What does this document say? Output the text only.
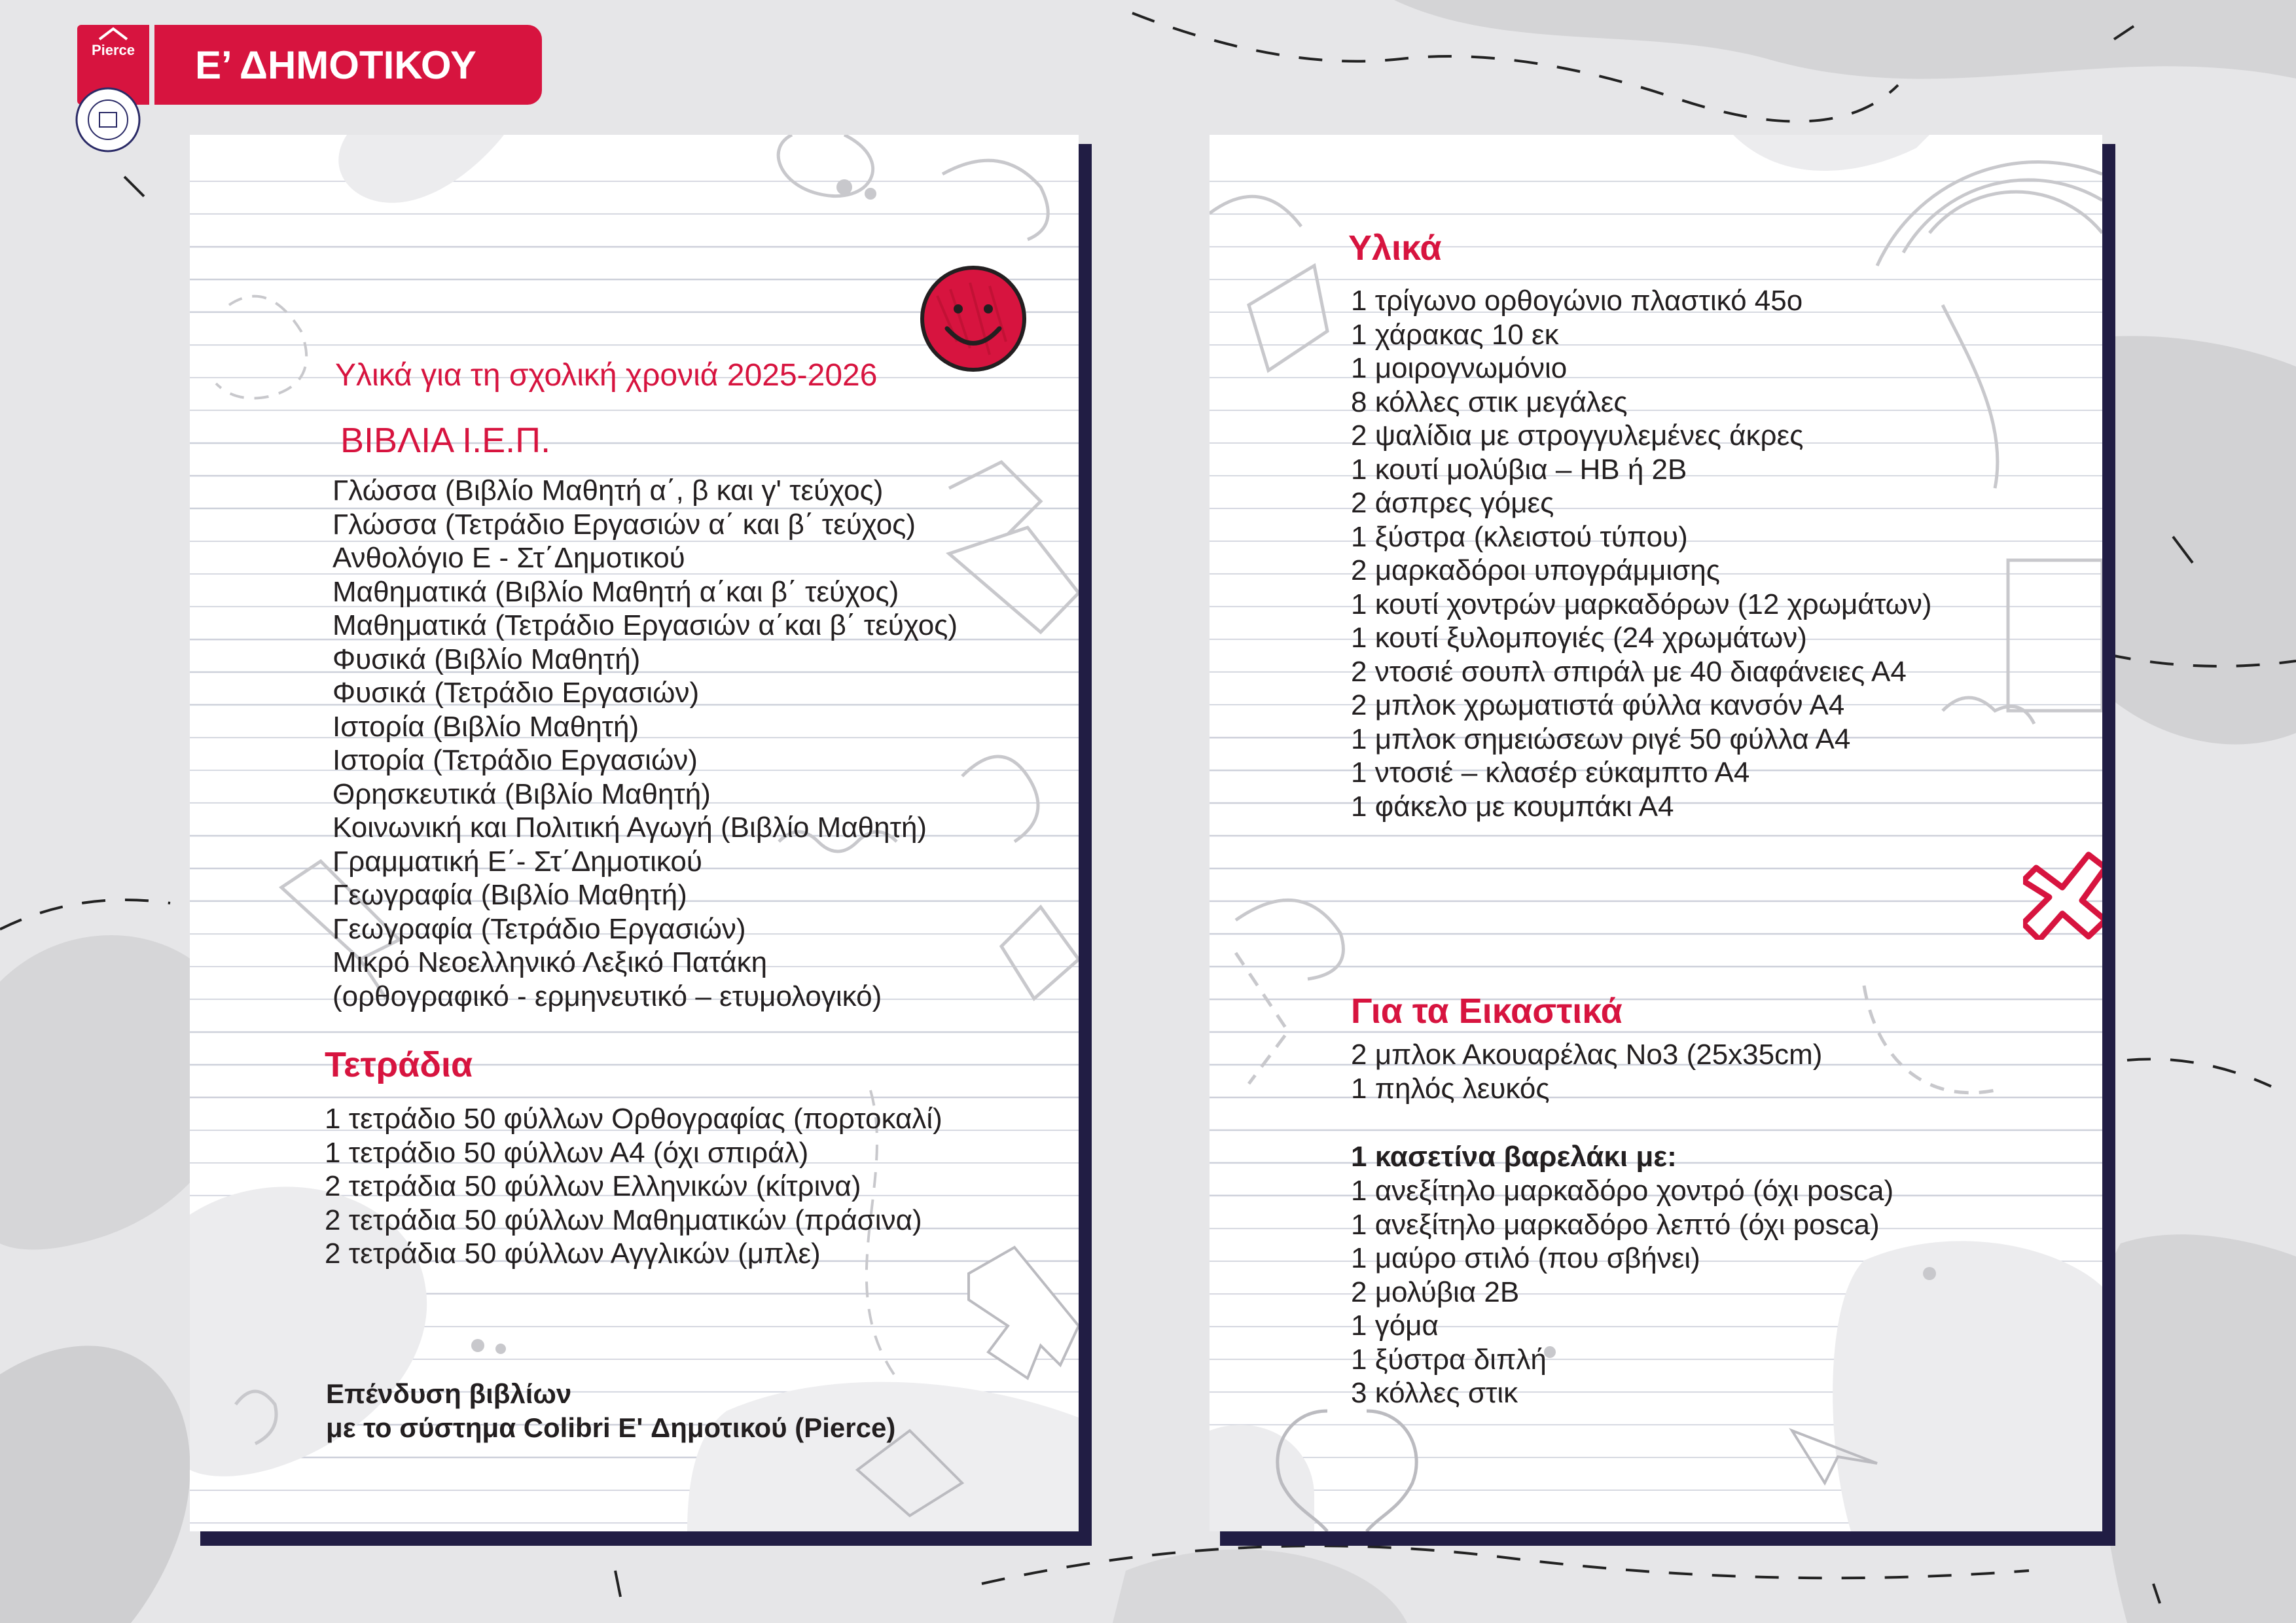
Pierce	Ε’ ΔΗΜΟΤΙΚΟΥ
Υλικά για τη σχολική χρονιά 2025-2026
ΒΙΒΛΙΑ Ι.Ε.Π.
Γλώσσα (Βιβλίο Μαθητή α΄, β και γ' τεύχος)
Γλώσσα (Τετράδιο Εργασιών α΄ και β΄ τεύχος)
Ανθολόγιο Ε - Στ΄Δημοτικού
Μαθηματικά (Βιβλίο Μαθητή α΄και β΄ τεύχος)
Μαθηματικά (Τετράδιο Εργασιών α΄και β΄ τεύχος)
Φυσικά (Βιβλίο Μαθητή)
Φυσικά (Τετράδιο Εργασιών)
Ιστορία (Βιβλίο Μαθητή)
Ιστορία (Τετράδιο Εργασιών)
Θρησκευτικά (Βιβλίο Μαθητή)
Κοινωνική και Πολιτική Αγωγή (Βιβλίο Μαθητή)
Γραμματική Ε΄- Στ΄Δημοτικού
Γεωγραφία (Βιβλίο Μαθητή)
Γεωγραφία (Τετράδιο Εργασιών)
Μικρό Νεοελληνικό Λεξικό Πατάκη
(ορθογραφικό - ερμηνευτικό – ετυμολογικό)
Τετράδια
1 τετράδιο 50 φύλλων Ορθογραφίας (πορτοκαλί)
1 τετράδιο 50 φύλλων Α4 (όχι σπιράλ)
2 τετράδια 50 φύλλων Ελληνικών (κίτρινα)
2 τετράδια 50 φύλλων Μαθηματικών (πράσινα)
2 τετράδια 50 φύλλων Αγγλικών (μπλε)
Επένδυση βιβλίων
με το σύστημα Colibri E' Δημοτικού (Pierce)
Υλικά
1 τρίγωνο ορθογώνιο πλαστικό 45ο
1 χάρακας 10 εκ
1 μοιρογνωμόνιο
8 κόλλες στικ μεγάλες
2 ψαλίδια με στρογγυλεμένες άκρες
1 κουτί μολύβια – ΗΒ ή 2Β
2 άσπρες γόμες
1 ξύστρα (κλειστού τύπου)
2 μαρκαδόροι υπογράμμισης
1 κουτί χοντρών μαρκαδόρων (12 χρωμάτων)
1 κουτί ξυλομπογιές (24 χρωμάτων)
2 ντοσιέ σουπλ σπιράλ με 40 διαφάνειες Α4
2 μπλοκ χρωματιστά φύλλα κανσόν Α4
1 μπλοκ σημειώσεων ριγέ 50 φύλλα Α4
1 ντοσιέ – κλασέρ εύκαμπτο Α4
1 φάκελο με κουμπάκι Α4
Για τα Εικαστικά
2 μπλοκ Ακουαρέλας Νο3 (25x35cm)
1 πηλός λευκός
1 κασετίνα βαρελάκι με:
1 ανεξίτηλο μαρκαδόρο χοντρό (όχι posca)
1 ανεξίτηλο μαρκαδόρο λεπτό (όχι posca)
1 μαύρο στιλό (που σβήνει)
2 μολύβια 2Β
1 γόμα
1 ξύστρα διπλή
3 κόλλες στικ
